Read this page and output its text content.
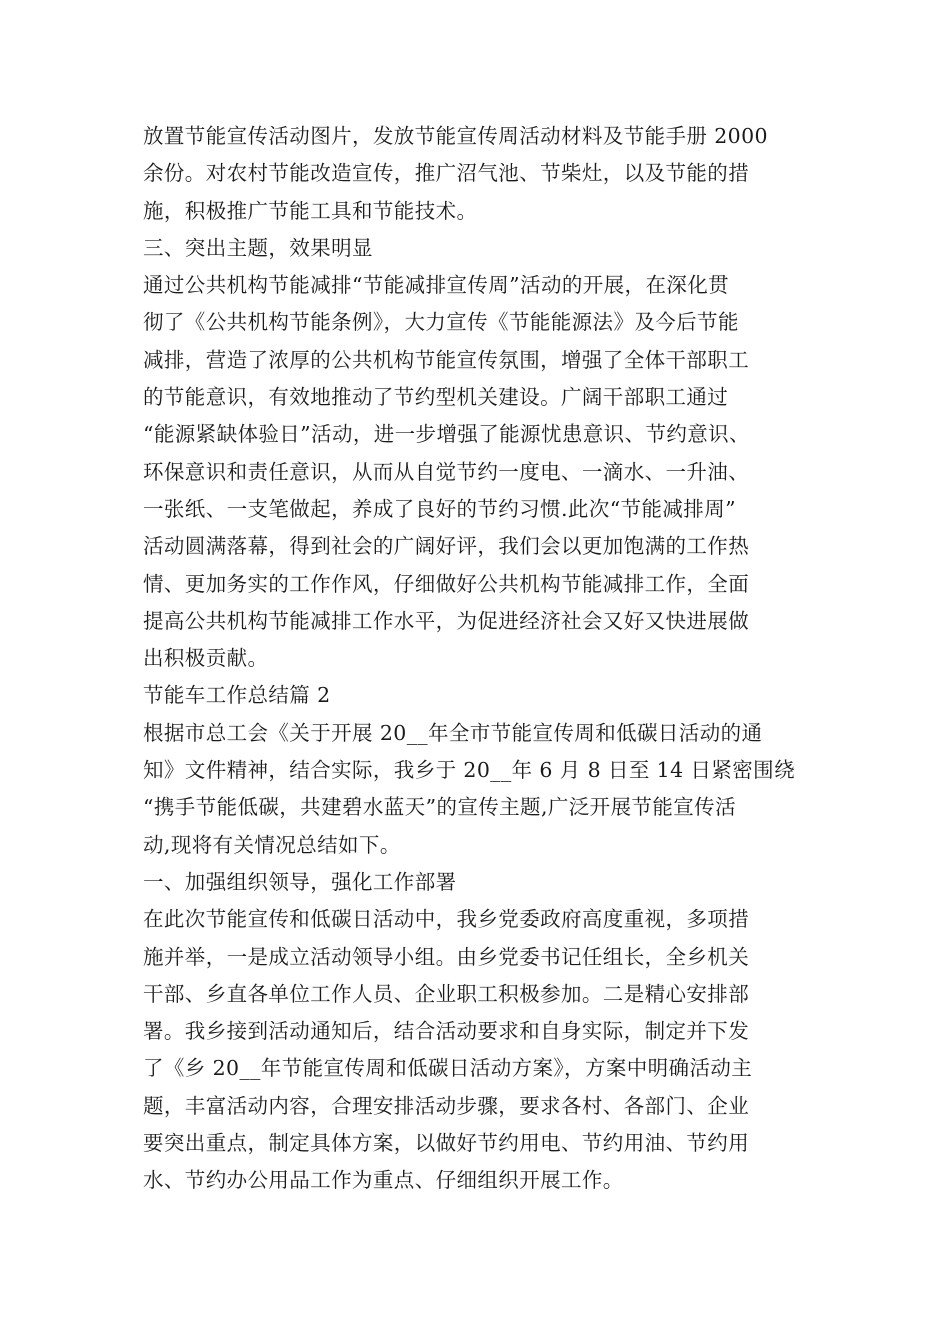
放置节能宣传活动图片，发放节能宣传周活动材料及节能手册 2000
余份。对农村节能改造宣传，推广沼气池、节柴灶，以及节能的措
施，积极推广节能工具和节能技术。
三、突出主题，效果明显
通过公共机构节能减排“节能减排宣传周”活动的开展，在深化贯
彻了《公共机构节能条例》，大力宣传《节能能源法》及今后节能
减排，营造了浓厚的公共机构节能宣传氛围，增强了全体干部职工
的节能意识，有效地推动了节约型机关建设。广阔干部职工通过
“能源紧缺体验日”活动，进一步增强了能源忧患意识、节约意识、
环保意识和责任意识，从而从自觉节约一度电、一滴水、一升油、
一张纸、一支笔做起，养成了良好的节约习惯.此次“节能减排周”
活动圆满落幕，得到社会的广阔好评，我们会以更加饱满的工作热
情、更加务实的工作作风，仔细做好公共机构节能减排工作，全面
提高公共机构节能减排工作水平，为促进经济社会又好又快进展做
出积极贡献。
节能车工作总结篇 2
根据市总工会《关于开展 20__年全市节能宣传周和低碳日活动的通
知》文件精神，结合实际，我乡于 20__年 6 月 8 日至 14 日紧密围绕
“携手节能低碳，共建碧水蓝天”的宣传主题,广泛开展节能宣传活
动,现将有关情况总结如下。
一、加强组织领导，强化工作部署
在此次节能宣传和低碳日活动中，我乡党委政府高度重视，多项措
施并举，一是成立活动领导小组。由乡党委书记任组长，全乡机关
干部、乡直各单位工作人员、企业职工积极参加。二是精心安排部
署。我乡接到活动通知后，结合活动要求和自身实际，制定并下发
了《乡 20__年节能宣传周和低碳日活动方案》，方案中明确活动主
题，丰富活动内容，合理安排活动步骤，要求各村、各部门、企业
要突出重点，制定具体方案，以做好节约用电、节约用油、节约用
水、节约办公用品工作为重点、仔细组织开展工作。
